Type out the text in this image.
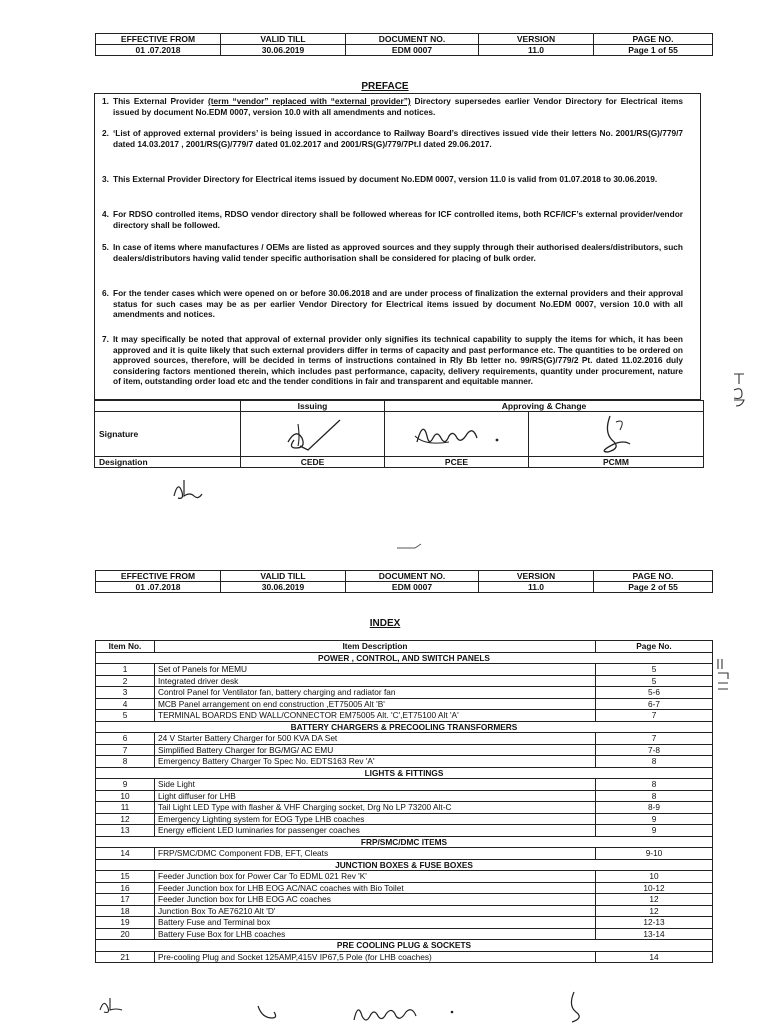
EFFECTIVE FROM	VALID TILL	DOCUMENT NO.	VERSION	PAGE NO.
01 .07.2018	30.06.2019	EDM 0007	11.0	Page 1 of 55
PREFACE
1. This External Provider (term “vendor” replaced with “external provider”) Directory supersedes earlier Vendor Directory for Electrical items issued by document No.EDM 0007, version 10.0 with all amendments and notices.
2. ‘List of approved external providers’ is being issued in accordance to Railway Board’s directives issued vide their letters No. 2001/RS(G)/779/7 dated 14.03.2017 , 2001/RS(G)/779/7 dated 01.02.2017 and 2001/RS(G)/779/7Pt.I dated 29.06.2017.
3. This External Provider Directory for Electrical items issued by document No.EDM 0007, version 11.0 is valid from 01.07.2018 to 30.06.2019.
4. For RDSO controlled items, RDSO vendor directory shall be followed whereas for ICF controlled items, both RCF/ICF’s external provider/vendor directory shall be followed.
5. In case of items where manufactures / OEMs are listed as approved sources and they supply through their authorised dealers/distributors, such dealers/distributors having valid tender specific authorisation shall be considered for placing of bulk order.
6. For the tender cases which were opened on or before 30.06.2018 and are under process of finalization the external providers and their approval status for such cases may be as per earlier Vendor Directory for Electrical items issued by document No.EDM 0007, version 10.0 with all amendments and notices.
7. It may specifically be noted that approval of external provider only signifies its technical capability to supply the items for which, it has been approved and it is quite likely that such external providers differ in terms of capacity and past performance etc. The quantities to be ordered on approved sources, therefore, will be decided in terms of instructions contained in Rly Bb letter no. 99/RS(G)/779/2 Pt. dated 11.02.2016 duly considering factors mentioned therein, which includes past performance, capacity, delivery requirements, quantity under procurement, nature of item, outstanding order load etc and the tender conditions in fair and transparent and equitable manner.
	Issuing	Approving & Change	
Signature			
Designation	CEDE	PCEE	PCMM
EFFECTIVE FROM	VALID TILL	DOCUMENT NO.	VERSION	PAGE NO.
01 .07.2018	30.06.2019	EDM 0007	11.0	Page 2 of 55
INDEX
Item No.	Item Description	Page No.
POWER , CONTROL, AND SWITCH PANELS		
1	Set of Panels for MEMU	5
2	Integrated driver desk	5
3	Control Panel for Ventilator fan, battery charging and radiator fan	5-6
4	MCB Panel arrangement on end construction ,ET75005 Alt 'B'	6-7
5	TERMINAL BOARDS END WALL/CONNECTOR EM75005 Alt. 'C',ET75100 Alt 'A'	7
BATTERY CHARGERS & PRECOOLING TRANSFORMERS		
6	24 V Starter Battery Charger for 500 KVA DA Set	7
7	Simplified Battery Charger for BG/MG/ AC EMU	7-8
8	Emergency Battery Charger To Spec No. EDTS163 Rev 'A'	8
LIGHTS & FITTINGS		
9	Side Light	8
10	Light diffuser for LHB	8
11	Tail Light LED Type with flasher & VHF Charging socket, Drg No LP 73200 Alt-C	8-9
12	Emergency Lighting system for EOG Type LHB coaches	9
13	Energy efficient LED luminaries for passenger coaches	9
FRP/SMC/DMC ITEMS		
14	FRP/SMC/DMC Component FDB, EFT, Cleats	9-10
JUNCTION BOXES & FUSE BOXES		
15	Feeder Junction box for Power Car To EDML 021 Rev 'K'	10
16	Feeder Junction box for LHB EOG AC/NAC coaches with Bio Toilet	10-12
17	Feeder Junction box for LHB EOG AC coaches	12
18	Junction Box To AE76210 Alt 'D'	12
19	Battery Fuse and Terminal box	12-13
20	Battery Fuse Box for LHB coaches	13-14
PRE COOLING PLUG & SOCKETS		
21	Pre-cooling Plug and Socket 125AMP,415V IP67,5 Pole (for LHB coaches)	14
